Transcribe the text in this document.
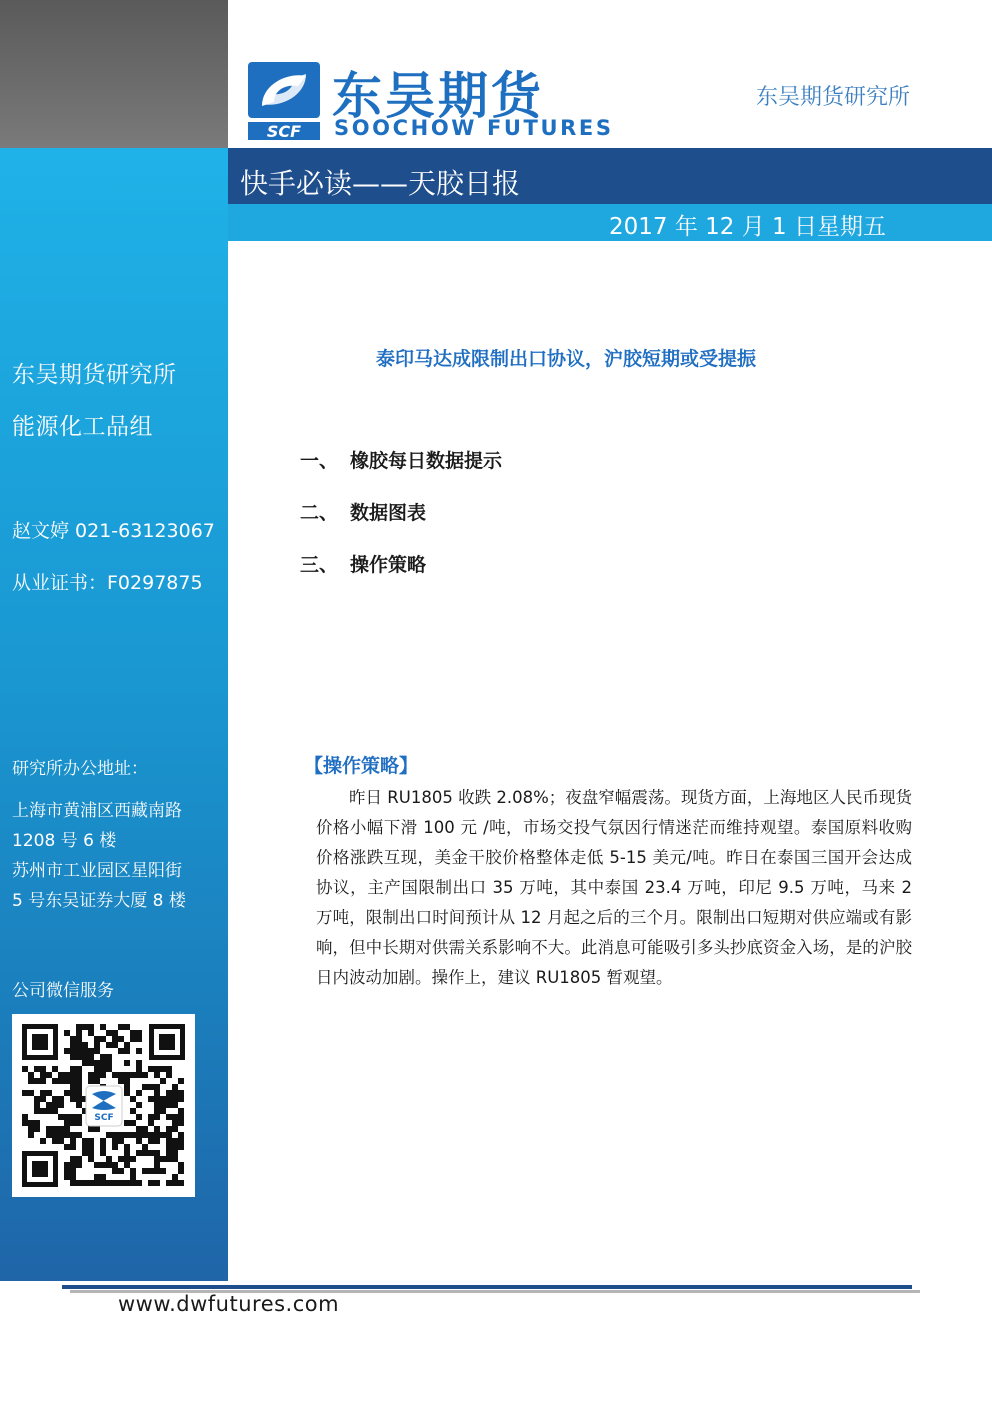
东吴期货研究所
能源化工品组
赵文婷 021-63123067
从业证书：F0297875
研究所办公地址：
上海市黄浦区西藏南路
1208 号 6 楼
苏州市工业园区星阳街
5 号东吴证券大厦 8 楼
公司微信服务
SCF
SCF
东吴期货
SOOCHOW FUTURES
东吴期货研究所
快手必读——天胶日报
2017 年 12 月 1 日星期五
泰印马达成限制出口协议，沪胶短期或受提振
一、 橡胶每日数据提示
二、 数据图表
三、 操作策略
【操作策略】
昨日 RU1805 收跌 2.08%；夜盘窄幅震荡。现货方面，上海地区人民币现货价格小幅下滑 100 元 /吨，市场交投气氛因行情迷茫而维持观望。泰国原料收购价格涨跌互现，美金干胶价格整体走低 5-15 美元/吨。昨日在泰国三国开会达成协议，主产国限制出口 35 万吨，其中泰国 23.4 万吨，印尼 9.5 万吨，马来 2 万吨，限制出口时间预计从 12 月起之后的三个月。限制出口短期对供应端或有影响，但中长期对供需关系影响不大。此消息可能吸引多头抄底资金入场，是的沪胶日内波动加剧。操作上，建议 RU1805 暂观望。
www.dwfutures.com
